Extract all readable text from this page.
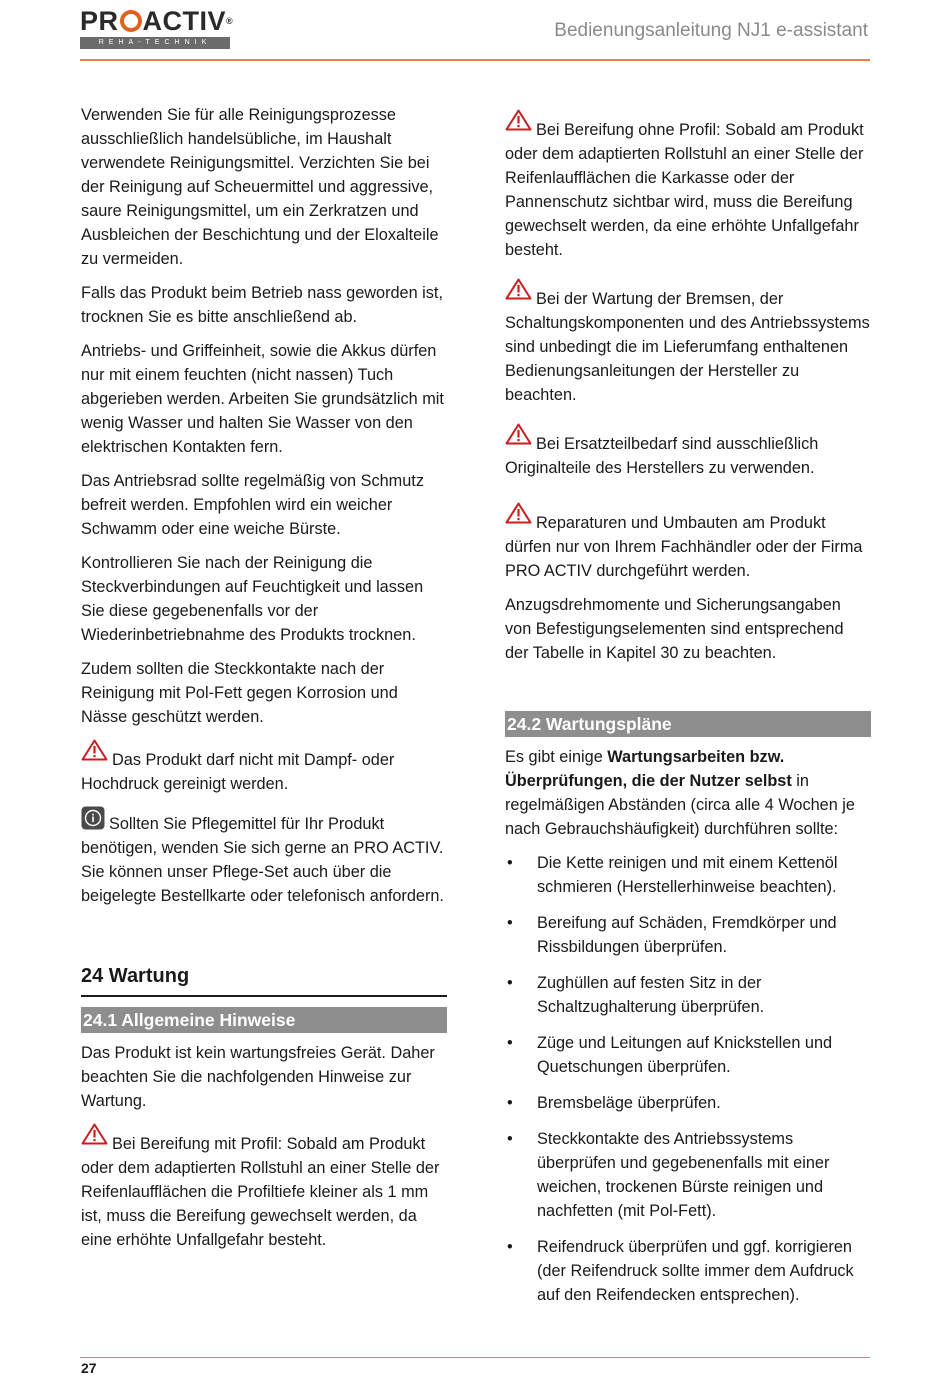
PR ACTIV®
REHA-TECHNIK
Bedienungsanleitung NJ1 e-assistant

Verwenden Sie für alle Reinigungsprozesse ausschließlich handelsübliche, im Haushalt verwendete Reinigungsmittel. Verzichten Sie bei der Reinigung auf Scheuermittel und aggressive, saure Reinigungsmittel, um ein Zerkratzen und Ausbleichen der Beschichtung und der Eloxalteile zu vermeiden.

Falls das Produkt beim Betrieb nass geworden ist, trocknen Sie es bitte anschließend ab.

Antriebs- und Griffeinheit, sowie die Akkus dürfen nur mit einem feuchten (nicht nassen) Tuch abgerieben werden. Arbeiten Sie grundsätzlich mit wenig Wasser und halten Sie Wasser von den elektrischen Kontakten fern.

Das Antriebsrad sollte regelmäßig von Schmutz befreit werden. Empfohlen wird ein weicher Schwamm oder eine weiche Bürste.

Kontrollieren Sie nach der Reinigung die Steckverbindungen auf Feuchtigkeit und lassen Sie diese gegebenenfalls vor der Wiederinbetriebnahme des Produkts trocknen.

Zudem sollten die Steckkontakte nach der Reinigung mit Pol-Fett gegen Korrosion und Nässe geschützt werden.

Das Produkt darf nicht mit Dampf- oder Hochdruck gereinigt werden.

Sollten Sie Pflegemittel für Ihr Produkt benötigen, wenden Sie sich gerne an PRO ACTIV. Sie können unser Pflege-Set auch über die beigelegte Bestellkarte oder telefonisch anfordern.

24 Wartung
24.1 Allgemeine Hinweise

Das Produkt ist kein wartungsfreies Gerät. Daher beachten Sie die nachfolgenden Hinweise zur Wartung.

Bei Bereifung mit Profil: Sobald am Produkt oder dem adaptierten Rollstuhl an einer Stelle der Reifenlaufflächen die Profiltiefe kleiner als 1 mm ist, muss die Bereifung gewechselt werden, da eine erhöhte Unfallgefahr besteht.

Bei Bereifung ohne Profil: Sobald am Produkt oder dem adaptierten Rollstuhl an einer Stelle der Reifenlaufflächen die Karkasse oder der Pannenschutz sichtbar wird, muss die Bereifung gewechselt werden, da eine erhöhte Unfallgefahr besteht.

Bei der Wartung der Bremsen, der Schaltungskomponenten und des Antriebssystems sind unbedingt die im Lieferumfang enthaltenen Bedienungsanleitungen der Hersteller zu beachten.

Bei Ersatzteilbedarf sind ausschließlich Originalteile des Herstellers zu verwenden.

Reparaturen und Umbauten am Produkt dürfen nur von Ihrem Fachhändler oder der Firma PRO ACTIV durchgeführt werden.

Anzugsdrehmomente und Sicherungsangaben von Befestigungselementen sind entsprechend der Tabelle in Kapitel 30 zu beachten.

24.2 Wartungspläne

Es gibt einige Wartungsarbeiten bzw. Überprüfungen, die der Nutzer selbst in regelmäßigen Abständen (circa alle 4 Wochen je nach Gebrauchshäufigkeit) durchführen sollte:

• Die Kette reinigen und mit einem Kettenöl schmieren (Herstellerhinweise beachten).
• Bereifung auf Schäden, Fremdkörper und Rissbildungen überprüfen.
• Zughüllen auf festen Sitz in der Schaltzughalterung überprüfen.
• Züge und Leitungen auf Knickstellen und Quetschungen überprüfen.
• Bremsbeläge überprüfen.
• Steckkontakte des Antriebssystems überprüfen und gegebenenfalls mit einer weichen, trockenen Bürste reinigen und nachfetten (mit Pol-Fett).
• Reifendruck überprüfen und ggf. korrigieren (der Reifendruck sollte immer dem Aufdruck auf den Reifendecken entsprechen).
27
